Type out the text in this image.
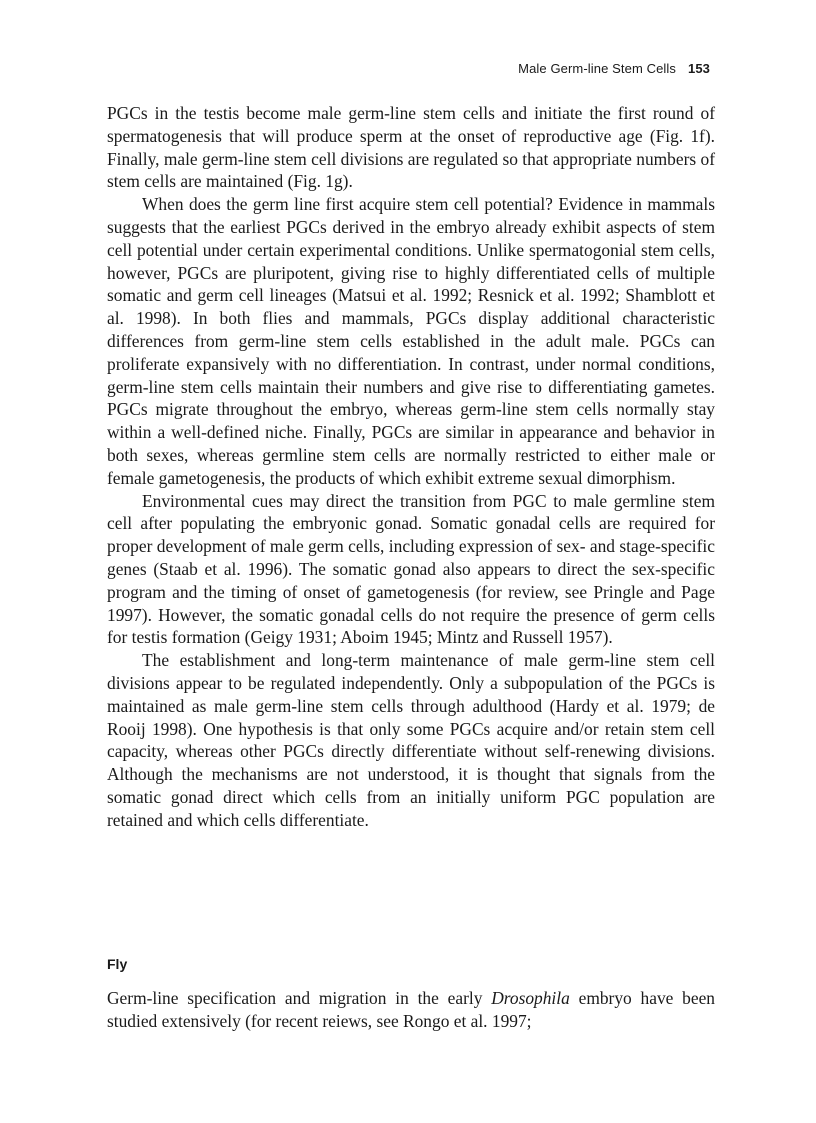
Male Germ-line Stem Cells 153

PGCs in the testis become male germ-line stem cells and initiate the first round of spermatogenesis that will produce sperm at the onset of reproductive age (Fig. 1f). Finally, male germ-line stem cell divisions are regulated so that appropriate numbers of stem cells are maintained (Fig. 1g).

When does the germ line first acquire stem cell potential? Evidence in mammals suggests that the earliest PGCs derived in the embryo already exhibit aspects of stem cell potential under certain experimental conditions. Unlike spermatogonial stem cells, however, PGCs are pluripotent, giving rise to highly differentiated cells of multiple somatic and germ cell lineages (Matsui et al. 1992; Resnick et al. 1992; Shamblott et al. 1998). In both flies and mammals, PGCs display additional characteristic differences from germ-line stem cells established in the adult male. PGCs can proliferate expansively with no differentiation. In contrast, under normal conditions, germ-line stem cells maintain their numbers and give rise to differentiating gametes. PGCs migrate throughout the embryo, whereas germ-line stem cells normally stay within a well-defined niche. Finally, PGCs are similar in appearance and behavior in both sexes, whereas germline stem cells are normally restricted to either male or female gametogenesis, the products of which exhibit extreme sexual dimorphism.

Environmental cues may direct the transition from PGC to male germline stem cell after populating the embryonic gonad. Somatic gonadal cells are required for proper development of male germ cells, including expression of sex- and stage-specific genes (Staab et al. 1996). The somatic gonad also appears to direct the sex-specific program and the timing of onset of gametogenesis (for review, see Pringle and Page 1997). However, the somatic gonadal cells do not require the presence of germ cells for testis formation (Geigy 1931; Aboim 1945; Mintz and Russell 1957).

The establishment and long-term maintenance of male germ-line stem cell divisions appear to be regulated independently. Only a subpopulation of the PGCs is maintained as male germ-line stem cells through adulthood (Hardy et al. 1979; de Rooij 1998). One hypothesis is that only some PGCs acquire and/or retain stem cell capacity, whereas other PGCs directly differentiate without self-renewing divisions. Although the mechanisms are not understood, it is thought that signals from the somatic gonad direct which cells from an initially uniform PGC population are retained and which cells differentiate.

Fly

Germ-line specification and migration in the early Drosophila embryo have been studied extensively (for recent reiews, see Rongo et al. 1997;
